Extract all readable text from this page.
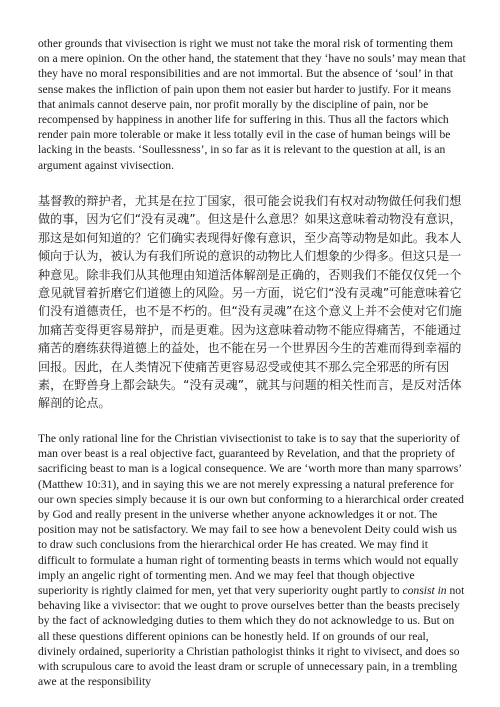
other grounds that vivisection is right we must not take the moral risk of tormenting them on a mere opinion. On the other hand, the statement that they ‘have no souls’ may mean that they have no moral responsibilities and are not immortal. But the absence of ‘soul’ in that sense makes the infliction of pain upon them not easier but harder to justify. For it means that animals cannot deserve pain, nor profit morally by the discipline of pain, nor be recompensed by happiness in another life for suffering in this. Thus all the factors which render pain more tolerable or make it less totally evil in the case of human beings will be lacking in the beasts. ‘Soullessness’, in so far as it is relevant to the question at all, is an argument against vivisection.

基督教的辩护者，尤其是在拉丁国家，很可能会说我们有权对动物做任何我们想做的事，因为它们“没有灵魂”。但这是什么意思？如果这意味着动物没有意识，那这是如何知道的？它们确实表现得好像有意识，至少高等动物是如此。我本人倾向于认为，被认为有我们所说的意识的动物比人们想象的少得多。但这只是一种意见。除非我们从其他理由知道活体解剖是正确的，否则我们不能仅仅凭一个意见就冒着折磨它们道德上的风险。另一方面，说它们“没有灵魂”可能意味着它们没有道德责任，也不是不朽的。但“没有灵魂”在这个意义上并不会使对它们施加痛苦变得更容易辩护，而是更难。因为这意味着动物不能应得痛苦，不能通过痛苦的磨练获得道德上的益处，也不能在另一个世界因今生的苦难而得到幸福的回报。因此，在人类情况下使痛苦更容易忍受或使其不那么完全邪恶的所有因素，在野兽身上都会缺失。“没有灵魂”，就其与问题的相关性而言，是反对活体解剖的论点。

The only rational line for the Christian vivisectionist to take is to say that the superiority of man over beast is a real objective fact, guaranteed by Revelation, and that the propriety of sacrificing beast to man is a logical consequence. We are ‘worth more than many sparrows’ (Matthew 10:31), and in saying this we are not merely expressing a natural preference for our own species simply because it is our own but conforming to a hierarchical order created by God and really present in the universe whether anyone acknowledges it or not. The position may not be satisfactory. We may fail to see how a benevolent Deity could wish us to draw such conclusions from the hierarchical order He has created. We may find it difficult to formulate a human right of tormenting beasts in terms which would not equally imply an angelic right of tormenting men. And we may feel that though objective superiority is rightly claimed for men, yet that very superiority ought partly to consist in not behaving like a vivisector: that we ought to prove ourselves better than the beasts precisely by the fact of acknowledging duties to them which they do not acknowledge to us. But on all these questions different opinions can be honestly held. If on grounds of our real, divinely ordained, superiority a Christian pathologist thinks it right to vivisect, and does so with scrupulous care to avoid the least dram or scruple of unnecessary pain, in a trembling awe at the responsibility
